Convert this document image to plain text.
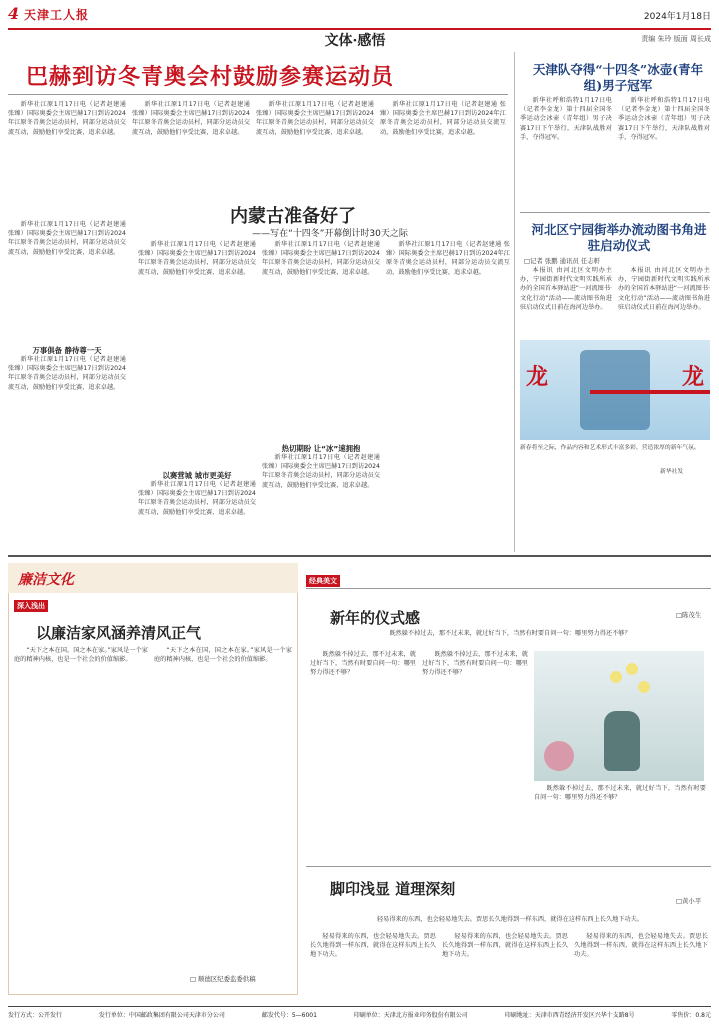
4 天津工人报	2024年1月18日
文体·感悟	责编 朱玲 版面 周长成
巴赫到访冬青奥会村鼓励参赛运动员

新华社江原1月17日电（记者赵建通 张臻）国际奥委会主席巴赫17日到访2024年江原冬青奥会运动员村，同部分运动员交流互动，鼓励他们享受比赛，追求卓越。

新华社江原1月17日电（记者赵建通 张臻）国际奥委会主席巴赫17日到访2024年江原冬青奥会运动员村，同部分运动员交流互动，鼓励他们享受比赛，追求卓越。

新华社江原1月17日电（记者赵建通 张臻）国际奥委会主席巴赫17日到访2024年江原冬青奥会运动员村，同部分运动员交流互动，鼓励他们享受比赛，追求卓越。

新华社江原1月17日电（记者赵建通 张臻）国际奥委会主席巴赫17日到访2024年江原冬青奥会运动员村，同部分运动员交流互动，鼓励他们享受比赛，追求卓越。

内蒙古准备好了
——写在“十四冬”开幕倒计时30天之际

新华社江原1月17日电（记者赵建通 张臻）国际奥委会主席巴赫17日到访2024年江原冬青奥会运动员村，同部分运动员交流互动，鼓励他们享受比赛，追求卓越。

万事俱备 静待尊一天

新华社江原1月17日电（记者赵建通 张臻）国际奥委会主席巴赫17日到访2024年江原冬青奥会运动员村，同部分运动员交流互动，鼓励他们享受比赛，追求卓越。

新华社江原1月17日电（记者赵建通 张臻）国际奥委会主席巴赫17日到访2024年江原冬青奥会运动员村，同部分运动员交流互动，鼓励他们享受比赛，追求卓越。

以赛营城 城市更美好

新华社江原1月17日电（记者赵建通 张臻）国际奥委会主席巴赫17日到访2024年江原冬青奥会运动员村，同部分运动员交流互动，鼓励他们享受比赛，追求卓越。

新华社江原1月17日电（记者赵建通 张臻）国际奥委会主席巴赫17日到访2024年江原冬青奥会运动员村，同部分运动员交流互动，鼓励他们享受比赛，追求卓越。

热切期盼 让“冰”速拥抱

新华社江原1月17日电（记者赵建通 张臻）国际奥委会主席巴赫17日到访2024年江原冬青奥会运动员村，同部分运动员交流互动，鼓励他们享受比赛，追求卓越。

新华社江原1月17日电（记者赵建通 张臻）国际奥委会主席巴赫17日到访2024年江原冬青奥会运动员村，同部分运动员交流互动，鼓励他们享受比赛，追求卓越。

天津队夺得“十四冬”冰壶(青年组)男子冠军

新华社呼和浩特1月17日电（记者李金龙）第十四届全国冬季运动会冰壶（青年组）男子决赛17日下午举行，天津队战胜对手，夺得冠军。

新华社呼和浩特1月17日电（记者李金龙）第十四届全国冬季运动会冰壶（青年组）男子决赛17日下午举行，天津队战胜对手，夺得冠军。

河北区宁园街举办流动图书角进驻启动仪式
□记者 张鹏 通讯员 任志軒

本报讯 由河北区文明办主办，宁园街新时代文明实践所承办的全国首本驿站进“一河流图书·文化行动”活动——流动图书角进驻启动仪式日前在海河边举办。

本报讯 由河北区文明办主办，宁园街新时代文明实践所承办的全国首本驿站进“一河流图书·文化行动”活动——流动图书角进驻启动仪式日前在海河边举办。

龙	龙
新春将至之际，作品内容和艺术形式丰富多彩，营造浓厚的新年气氛。
新华社发
廉洁文化
深入浅出
以廉洁家风涵养清风正气

“天下之本在国，国之本在家。”家风是一个家庭的精神内核，也是一个社会的价值缩影。

“天下之本在国，国之本在家。”家风是一个家庭的精神内核，也是一个社会的价值缩影。

□ 顺德区纪委监委供稿
经典美文
新年的仪式感	□陈茂生
既然躲不掉过去，那不过未来，就过好当下，当然有时要自问一句：哪里努力得还不够？

既然躲不掉过去，那不过未来，就过好当下，当然有时要自问一句：哪里努力得还不够？

既然躲不掉过去，那不过未来，就过好当下，当然有时要自问一句：哪里努力得还不够？

既然躲不掉过去，那不过未来，就过好当下，当然有时要自问一句：哪里努力得还不够？

脚印浅显 道理深刻
□黄小平
轻易得来的东西，也会轻易地失去。贾思长久地得到一样东西，就得在这样东西上长久地下功夫。

轻易得来的东西，也会轻易地失去。贾思长久地得到一样东西，就得在这样东西上长久地下功夫。

轻易得来的东西，也会轻易地失去。贾思长久地得到一样东西，就得在这样东西上长久地下功夫。

轻易得来的东西，也会轻易地失去。贾思长久地得到一样东西，就得在这样东西上长久地下功夫。

发行方式：公开发行	发行单位：中国邮政集团有限公司天津市分公司	邮发代号：5—6001	印刷单位：天津北方报业印务股份有限公司	印刷地址：天津市西青经济开发区兴华十支路8号	零售价：0.8元
